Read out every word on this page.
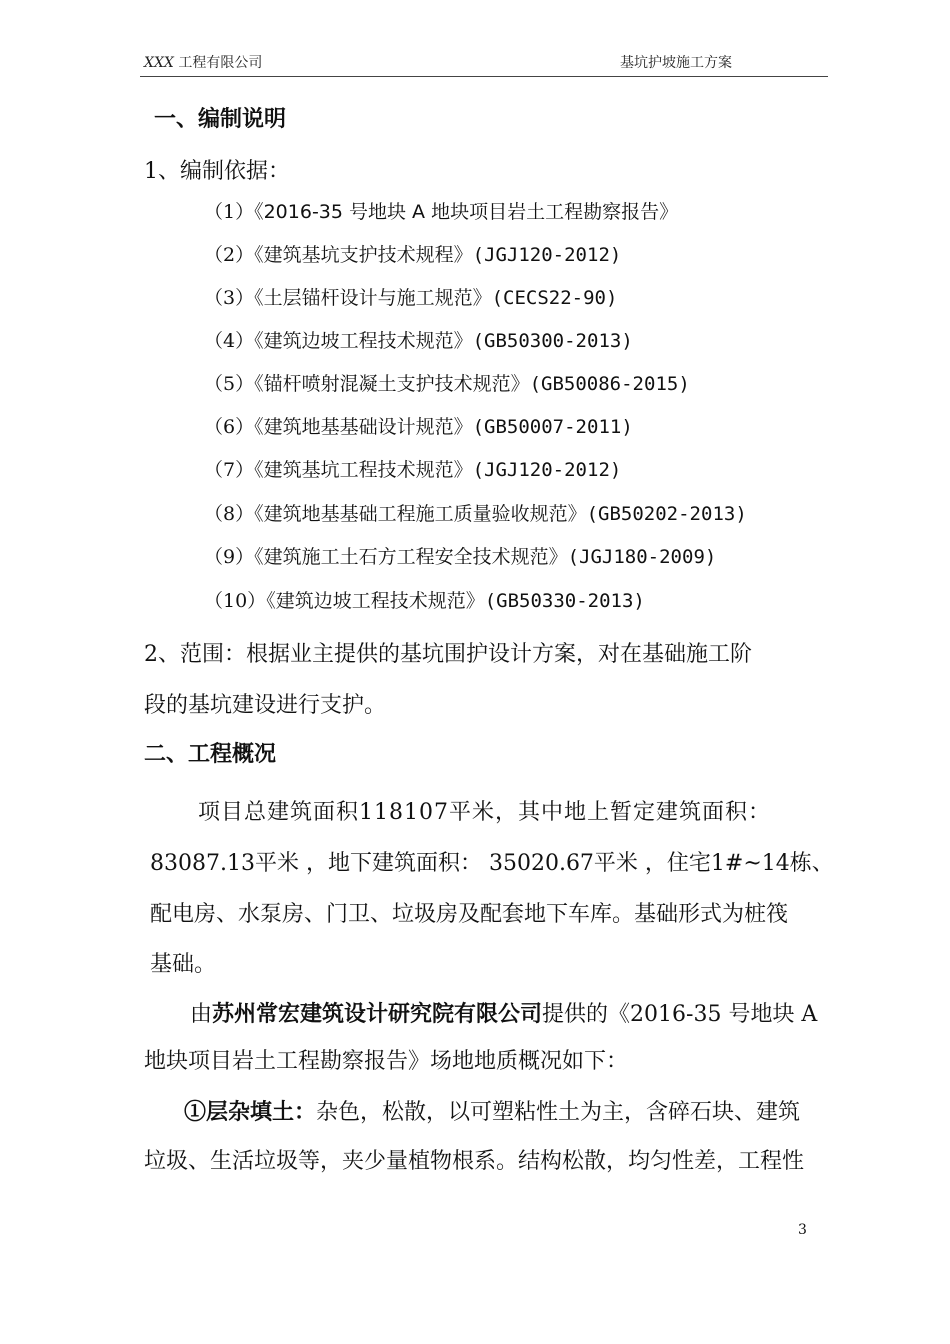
XXX 工程有限公司	基坑护坡施工方案
一、编制说明
1、编制依据：
（1）《2016-35 号地块 A 地块项目岩土工程勘察报告》
（2）《建筑基坑支护技术规程》(JGJ120-2012)
（3）《土层锚杆设计与施工规范》(CECS22-90)
（4）《建筑边坡工程技术规范》(GB50300-2013)
（5）《锚杆喷射混凝土支护技术规范》(GB50086-2015)
（6）《建筑地基基础设计规范》(GB50007-2011)
（7）《建筑基坑工程技术规范》(JGJ120-2012)
（8）《建筑地基基础工程施工质量验收规范》(GB50202-2013)
（9）《建筑施工土石方工程安全技术规范》(JGJ180-2009)
（10）《建筑边坡工程技术规范》(GB50330-2013)
2、范围：根据业主提供的基坑围护设计方案，对在基础施工阶
段的基坑建设进行支护。
二、工程概况
项目总建筑面积118107平米，其中地上暂定建筑面积：
83087.13平米 ，地下建筑面积： 35020.67平米 ，住宅1#~14栋、
配电房、水泵房、门卫、垃圾房及配套地下车库。基础形式为桩筏
基础。
由苏州常宏建筑设计研究院有限公司提供的《2016-35 号地块 A
地块项目岩土工程勘察报告》场地地质概况如下：
①层杂填土：杂色，松散，以可塑粘性土为主，含碎石块、建筑
垃圾、生活垃圾等，夹少量植物根系。结构松散，均匀性差，工程性
3
